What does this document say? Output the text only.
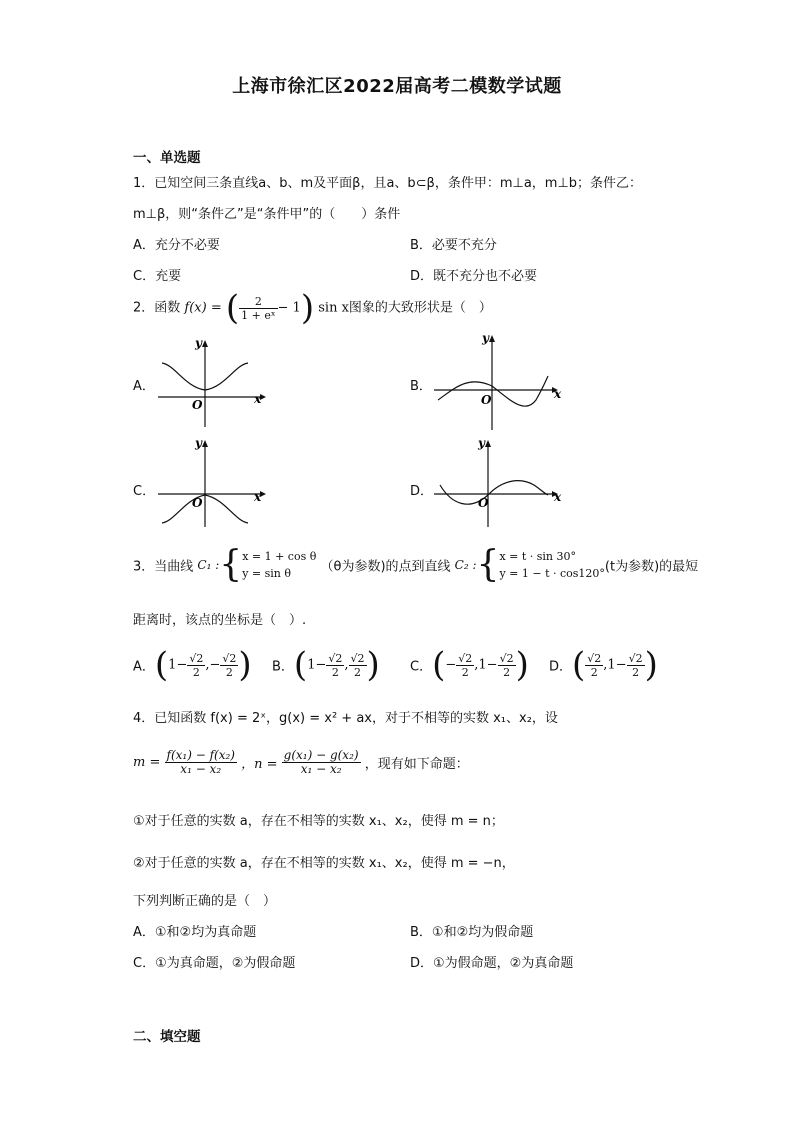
上海市徐汇区2022届高考二模数学试题
一、单选题
1．已知空间三条直线a、b、m及平面β，且a、b⊂β，条件甲：m⊥a，m⊥b；条件乙：
m⊥β，则“条件乙”是“条件甲”的（　　）条件
A．充分不必要	B．必要不充分
C．充要	D．既不充分也不必要
2．函数 f(x) = ( $\frac{2}{\text{1 + eˣ}} - 1$) sin x图象的大致形状是（　）
A．	B．
C．	D．
y
x
O
y
x
O
y
x
O
y
x
O
3．当曲线 C₁ :{ x = 1 + cos θ
y = sin θ	（θ为参数)的点到直线 C₂ :{ x = t · sin 30°
y = 1 − t · cos120° (t为参数)的最短
距离时，该点的坐标是（　）.
A．($1- \frac{√2}{2}$ ,− $\frac{√2}{2}$ ) B．($1- \frac{√2}{2}$ , $\frac{√2}{2}$ ) C．(− $\frac{√2}{2} ,1- \frac{√2}{2}$ ) D．( $\frac{√2}{2} ,1- \frac{√2}{2}$ )
4．已知函数 f(x) = 2ˣ，g(x) = x² + ax，对于不相等的实数 x₁、x₂，设
$m = \frac{\text{f(x₁) − f(x₂)}}{\text{x₁ − x₂}}$ ，$n = \frac{\text{g(x₁) − g(x₂)}}{\text{x₁ − x₂}}$ ，现有如下命题：
①对于任意的实数 a，存在不相等的实数 x₁、x₂，使得 m = n；
②对于任意的实数 a，存在不相等的实数 x₁、x₂，使得 m = −n，
下列判断正确的是（　）
A．①和②均为真命题	B．①和②均为假命题
C．①为真命题，②为假命题	D．①为假命题，②为真命题
二、填空题
